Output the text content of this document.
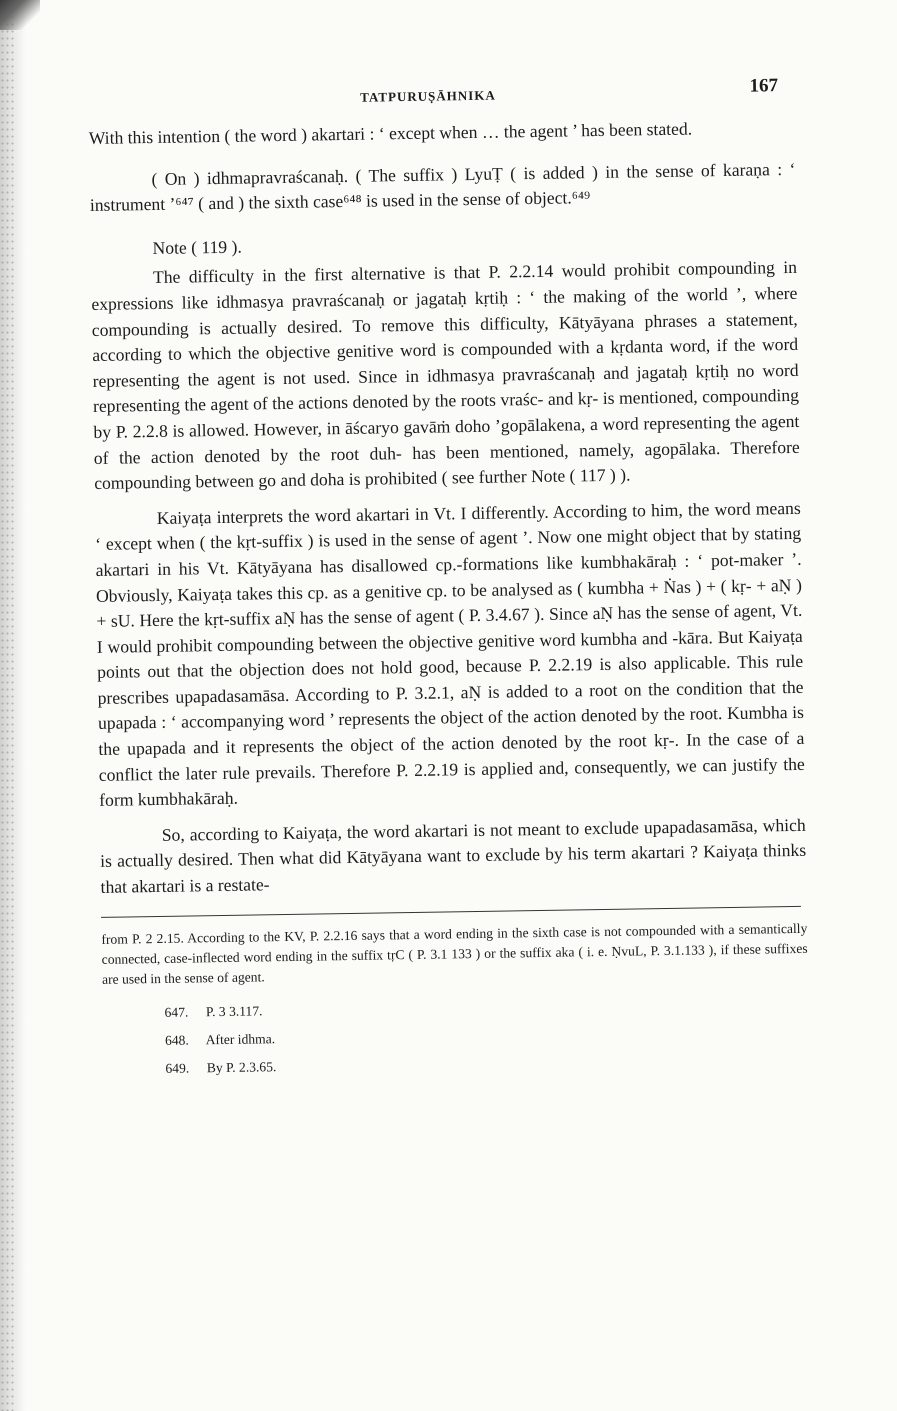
TATPURUṢĀHNIKA	167

With this intention ( the word ) akartari : ‘ except when … the agent ’ has been stated.

( On ) idhmapravraścanaḥ. ( The suffix ) LyuṬ ( is added ) in the sense of karaṇa : ‘ instrument ’⁶⁴⁷ ( and ) the sixth case⁶⁴⁸ is used in the sense of object.⁶⁴⁹

Note ( 119 ).

The difficulty in the first alternative is that P. 2.2.14 would prohibit compounding in expressions like idhmasya pravraścanaḥ or jagataḥ kṛtiḥ : ‘ the making of the world ’, where compounding is actually desired. To remove this difficulty, Kātyāyana phrases a statement, according to which the objective genitive word is compounded with a kṛdanta word, if the word representing the agent is not used. Since in idhmasya pravraścanaḥ and jagataḥ kṛtiḥ no word representing the agent of the actions denoted by the roots vraśc- and kṛ- is mentioned, compounding by P. 2.2.8 is allowed. However, in āścaryo gavāṁ doho ’gopālakena, a word representing the agent of the action denoted by the root duh- has been mentioned, namely, agopālaka. Therefore compounding between go and doha is prohibited ( see further Note ( 117 ) ).

Kaiyaṭa interprets the word akartari in Vt. I differently. According to him, the word means ‘ except when ( the kṛt-suffix ) is used in the sense of agent ’. Now one might object that by stating akartari in his Vt. Kātyāyana has disallowed cp.-formations like kumbhakāraḥ : ‘ pot-maker ’. Obviously, Kaiyaṭa takes this cp. as a genitive cp. to be analysed as ( kumbha + Ṅas ) + ( kṛ- + aṆ ) + sU. Here the kṛt-suffix aṆ has the sense of agent ( P. 3.4.67 ). Since aṆ has the sense of agent, Vt. I would prohibit compounding between the objective genitive word kumbha and -kāra. But Kaiyaṭa points out that the objection does not hold good, because P. 2.2.19 is also applicable. This rule prescribes upapadasamāsa. According to P. 3.2.1, aṆ is added to a root on the condition that the upapada : ‘ accompanying word ’ represents the object of the action denoted by the root. Kumbha is the upapada and it represents the object of the action denoted by the root kṛ-. In the case of a conflict the later rule prevails. Therefore P. 2.2.19 is applied and, consequently, we can justify the form kumbhakāraḥ.

So, according to Kaiyaṭa, the word akartari is not meant to exclude upapadasamāsa, which is actually desired. Then what did Kātyāyana want to exclude by his term akartari ? Kaiyaṭa thinks that akartari is a restate-

from P. 2 2.15. According to the KV, P. 2.2.16 says that a word ending in the sixth case is not compounded with a semantically connected, case-inflected word ending in the suffix tṛC ( P. 3.1 133 ) or the suffix aka ( i. e. ṆvuL, P. 3.1.133 ), if these suffixes are used in the sense of agent.
647. P. 3 3.117.
648. After idhma.
649. By P. 2.3.65.
